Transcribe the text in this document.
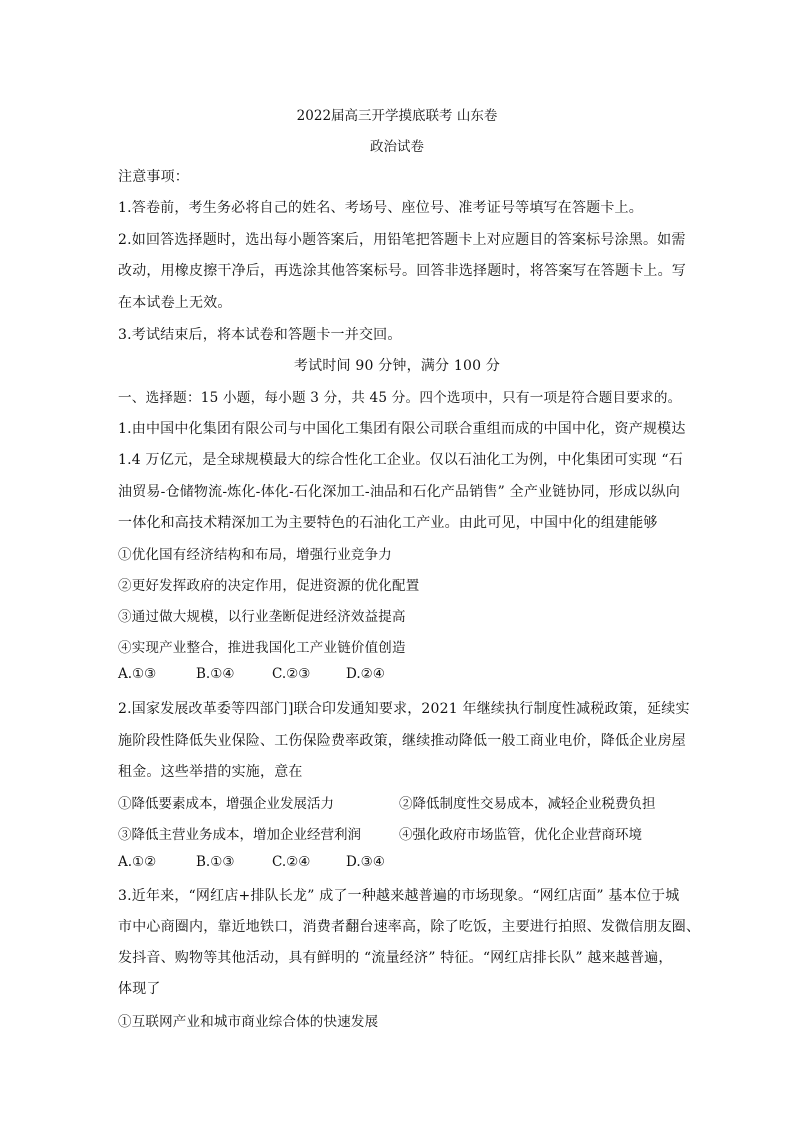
2022届高三开学摸底联考 山东卷
政治试卷
注意事项：
1.答卷前，考生务必将自己的姓名、考场号、座位号、准考证号等填写在答题卡上。
2.如回答选择题时，选出每小题答案后，用铅笔把答题卡上对应题目的答案标号涂黑。如需
改动，用橡皮擦干净后，再选涂其他答案标号。回答非选择题时，将答案写在答题卡上。写
在本试卷上无效。
3.考试结束后，将本试卷和答题卡一并交回。
考试时间 90 分钟，满分 100 分
一、选择题：15 小题，每小题 3 分，共 45 分。四个选项中，只有一项是符合题目要求的。
1.由中国中化集团有限公司与中国化工集团有限公司联合重组而成的中国中化，资产规模达
1.4 万亿元，是全球规模最大的综合性化工企业。仅以石油化工为例，中化集团可实现 “石
油贸易-仓储物流-炼化-体化-石化深加工-油品和石化产品销售” 全产业链协同，形成以纵向
一体化和高技术精深加工为主要特色的石油化工产业。由此可见，中国中化的组建能够
①优化国有经济结构和布局，增强行业竞争力
②更好发挥政府的决定作用，促进资源的优化配置
③通过做大规模，以行业垄断促进经济效益提高
④实现产业整合，推进我国化工产业链价值创造
A.①③	B.①④	C.②③	D.②④
2.国家发展改革委等四部门]联合印发通知要求，2021 年继续执行制度性减税政策，延续实
施阶段性降低失业保险、工伤保险费率政策，继续推动降低一般工商业电价，降低企业房屋
租金。这些举措的实施，意在
①降低要素成本，增强企业发展活力	②降低制度性交易成本，减轻企业税费负担
③降低主营业务成本，增加企业经营利润	④强化政府市场监管，优化企业营商环境
A.①②	B.①③	C.②④	D.③④
3.近年来，“网红店+排队长龙” 成了一种越来越普遍的市场现象。“网红店面” 基本位于城
市中心商圈内，靠近地铁口，消费者翻台速率高，除了吃饭，主要进行拍照、发微信朋友圈、
发抖音、购物等其他活动，具有鲜明的 “流量经济” 特征。“网红店排长队” 越来越普遍，
体现了
①互联网产业和城市商业综合体的快速发展
